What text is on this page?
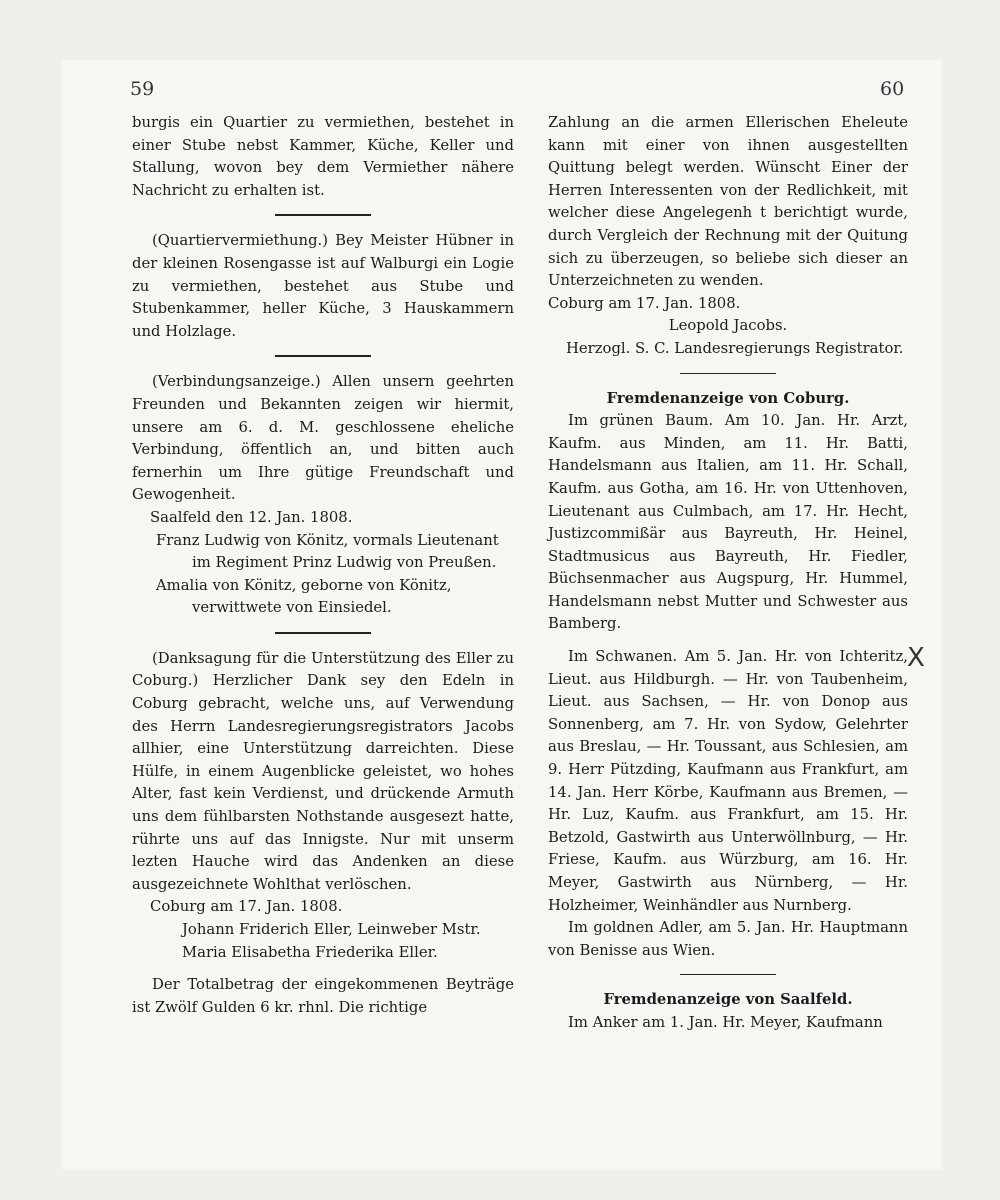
59	60

burgis ein Quartier zu vermiethen, bestehet in einer Stube nebst Kammer, Küche, Keller und Stallung, wovon bey dem Vermiether nähere Nachricht zu erhalten ist.

(Quartiervermiethung.) Bey Meister Hübner in der kleinen Rosengasse ist auf Walburgi ein Logie zu vermiethen, bestehet aus Stube und Stubenkammer, heller Küche, 3 Hauskammern und Holzlage.

(Verbindungsanzeige.) Allen unsern geehrten Freunden und Bekannten zeigen wir hiermit, unsere am 6. d. M. geschlossene eheliche Verbindung, öffentlich an, und bitten auch fernerhin um Ihre gütige Freundschaft und Gewogenheit.

Saalfeld den 12. Jan. 1808.

Franz Ludwig von Könitz, vormals Lieutenant im Regiment Prinz Ludwig von Preußen.

Amalia von Könitz, geborne von Könitz, verwittwete von Einsiedel.

(Danksagung für die Unterstützung des Eller zu Coburg.) Herzlicher Dank sey den Edeln in Coburg gebracht, welche uns, auf Verwendung des Herrn Landesregierungsregistrators Jacobs allhier, eine Unterstützung darreichten. Diese Hülfe, in einem Augenblicke geleistet, wo hohes Alter, fast kein Verdienst, und drückende Armuth uns dem fühlbarsten Nothstande ausgesezt hatte, rührte uns auf das Innigste. Nur mit unserm lezten Hauche wird das Andenken an diese ausgezeichnete Wohlthat verlöschen.

Coburg am 17. Jan. 1808.

Johann Friderich Eller, Leinweber Mstr.

Maria Elisabetha Friederika Eller.

Der Totalbetrag der eingekommenen Beyträge ist Zwölf Gulden 6 kr. rhnl. Die richtige

Zahlung an die armen Ellerischen Eheleute kann mit einer von ihnen ausgestellten Quittung belegt werden. Wünscht Einer der Herren Interessenten von der Redlichkeit, mit welcher diese Angelegenh t berichtigt wurde, durch Vergleich der Rechnung mit der Quitung sich zu überzeugen, so beliebe sich dieser an Unterzeichneten zu wenden.

Coburg am 17. Jan. 1808.

Leopold Jacobs.

Herzogl. S. C. Landesregierungs Registrator.

Fremdenanzeige von Coburg.

Im grünen Baum. Am 10. Jan. Hr. Arzt, Kaufm. aus Minden, am 11. Hr. Batti, Handelsmann aus Italien, am 11. Hr. Schall, Kaufm. aus Gotha, am 16. Hr. von Uttenhoven, Lieutenant aus Culmbach, am 17. Hr. Hecht, Justizcommißär aus Bayreuth, Hr. Heinel, Stadtmusicus aus Bayreuth, Hr. Fiedler, Büchsenmacher aus Augspurg, Hr. Hummel, Handelsmann nebst Mutter und Schwester aus Bamberg.

Im Schwanen. Am 5. Jan. Hr. von Ichteritz, Lieut. aus Hildburgh. — Hr. von Taubenheim, Lieut. aus Sachsen, — Hr. von Donop aus Sonnenberg, am 7. Hr. von Sydow, Gelehrter aus Breslau, — Hr. Toussant, aus Schlesien, am 9. Herr Pützding, Kaufmann aus Frankfurt, am 14. Jan. Herr Körbe, Kaufmann aus Bremen, — Hr. Luz, Kaufm. aus Frankfurt, am 15. Hr. Betzold, Gastwirth aus Unterwöllnburg, — Hr. Friese, Kaufm. aus Würzburg, am 16. Hr. Meyer, Gastwirth aus Nürnberg, — Hr. Holzheimer, Weinhändler aus Nurnberg.

Im goldnen Adler, am 5. Jan. Hr. Hauptmann von Benisse aus Wien.

Fremdenanzeige von Saalfeld.

Im Anker am 1. Jan. Hr. Meyer, Kaufmann

X
